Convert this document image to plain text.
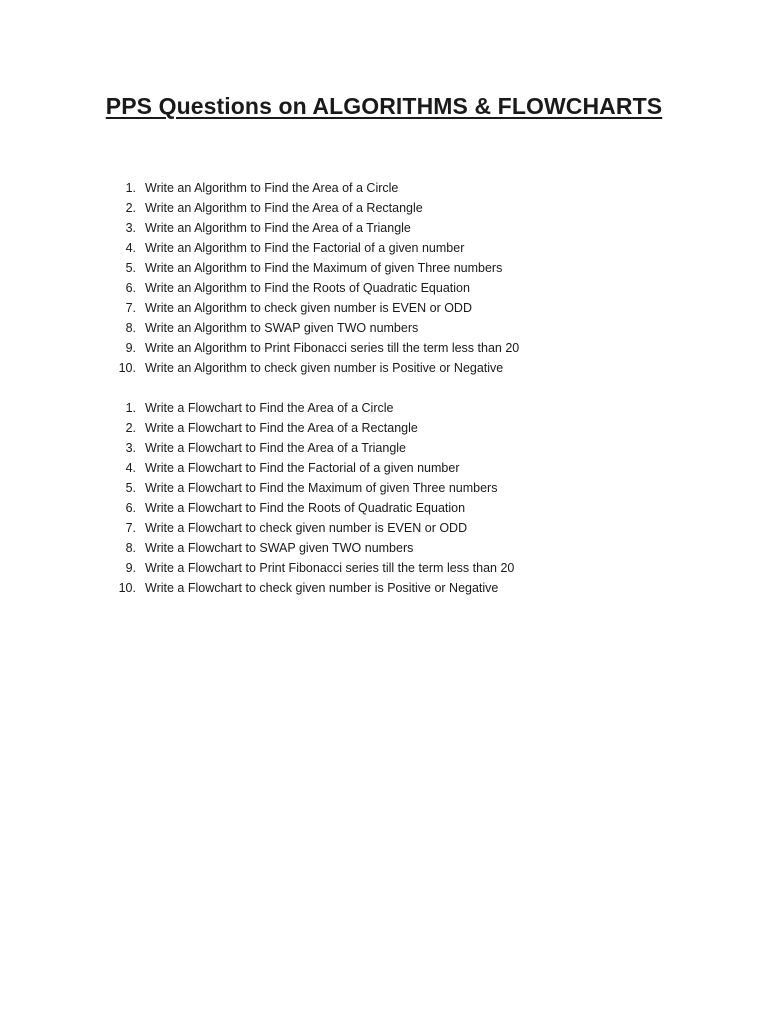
PPS Questions on ALGORITHMS & FLOWCHARTS
1. Write an Algorithm to Find the Area of a Circle
2. Write an Algorithm to Find the Area of a Rectangle
3. Write an Algorithm to Find the Area of a Triangle
4. Write an Algorithm to Find the Factorial of a given number
5. Write an Algorithm to Find the Maximum of given Three numbers
6. Write an Algorithm to Find the Roots of Quadratic Equation
7. Write an Algorithm to check given number is EVEN or ODD
8. Write an Algorithm to SWAP given TWO numbers
9. Write an Algorithm to Print Fibonacci series till the term less than 20
10. Write an Algorithm to check given number is Positive or Negative
1. Write a Flowchart to Find the Area of a Circle
2. Write a Flowchart to Find the Area of a Rectangle
3. Write a Flowchart to Find the Area of a Triangle
4. Write a Flowchart to Find the Factorial of a given number
5. Write a Flowchart to Find the Maximum of given Three numbers
6. Write a Flowchart to Find the Roots of Quadratic Equation
7. Write a Flowchart to check given number is EVEN or ODD
8. Write a Flowchart to SWAP given TWO numbers
9. Write a Flowchart to Print Fibonacci series till the term less than 20
10. Write a Flowchart to check given number is Positive or Negative
